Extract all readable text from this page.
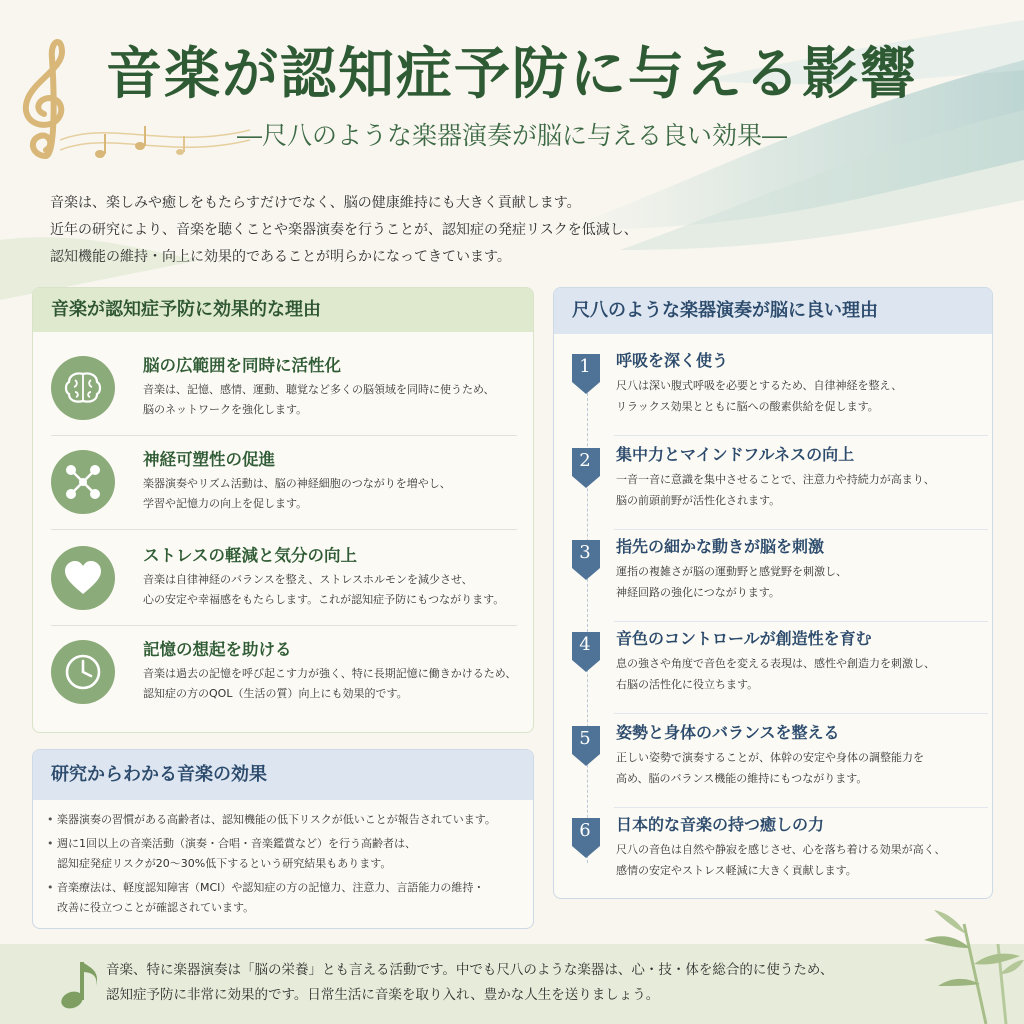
音楽が認知症予防に与える影響
―尺八のような楽器演奏が脳に与える良い効果―

音楽は、楽しみや癒しをもたらすだけでなく、脳の健康維持にも大きく貢献します。

近年の研究により、音楽を聴くことや楽器演奏を行うことが、認知症の発症リスクを低減し、

認知機能の維持・向上に効果的であることが明らかになってきています。

音楽が認知症予防に効果的な理由
脳の広範囲を同時に活性化
音楽は、記憶、感情、運動、聴覚など多くの脳領域を同時に使うため、
脳のネットワークを強化します。
神経可塑性の促進
楽器演奏やリズム活動は、脳の神経細胞のつながりを増やし、
学習や記憶力の向上を促します。
ストレスの軽減と気分の向上
音楽は自律神経のバランスを整え、ストレスホルモンを減少させ、
心の安定や幸福感をもたらします。これが認知症予防にもつながります。
記憶の想起を助ける
音楽は過去の記憶を呼び起こす力が強く、特に長期記憶に働きかけるため、
認知症の方のQOL（生活の質）向上にも効果的です。
研究からわかる音楽の効果
• 楽器演奏の習慣がある高齢者は、認知機能の低下リスクが低いことが報告されています。
• 週に1回以上の音楽活動（演奏・合唱・音楽鑑賞など）を行う高齢者は、
認知症発症リスクが20〜30%低下するという研究結果もあります。
• 音楽療法は、軽度認知障害（MCI）や認知症の方の記憶力、注意力、言語能力の維持・
改善に役立つことが確認されています。
尺八のような楽器演奏が脳に良い理由
1	呼吸を深く使う
尺八は深い腹式呼吸を必要とするため、自律神経を整え、
リラックス効果とともに脳への酸素供給を促します。
2	集中力とマインドフルネスの向上
一音一音に意識を集中させることで、注意力や持続力が高まり、
脳の前頭前野が活性化されます。
3	指先の細かな動きが脳を刺激
運指の複雑さが脳の運動野と感覚野を刺激し、
神経回路の強化につながります。
4	音色のコントロールが創造性を育む
息の強さや角度で音色を変える表現は、感性や創造力を刺激し、
右脳の活性化に役立ちます。
5	姿勢と身体のバランスを整える
正しい姿勢で演奏することが、体幹の安定や身体の調整能力を
高め、脳のバランス機能の維持にもつながります。
6	日本的な音楽の持つ癒しの力
尺八の音色は自然や静寂を感じさせ、心を落ち着ける効果が高く、
感情の安定やストレス軽減に大きく貢献します。
音楽、特に楽器演奏は「脳の栄養」とも言える活動です。中でも尺八のような楽器は、心・技・体を総合的に使うため、
認知症予防に非常に効果的です。日常生活に音楽を取り入れ、豊かな人生を送りましょう。
